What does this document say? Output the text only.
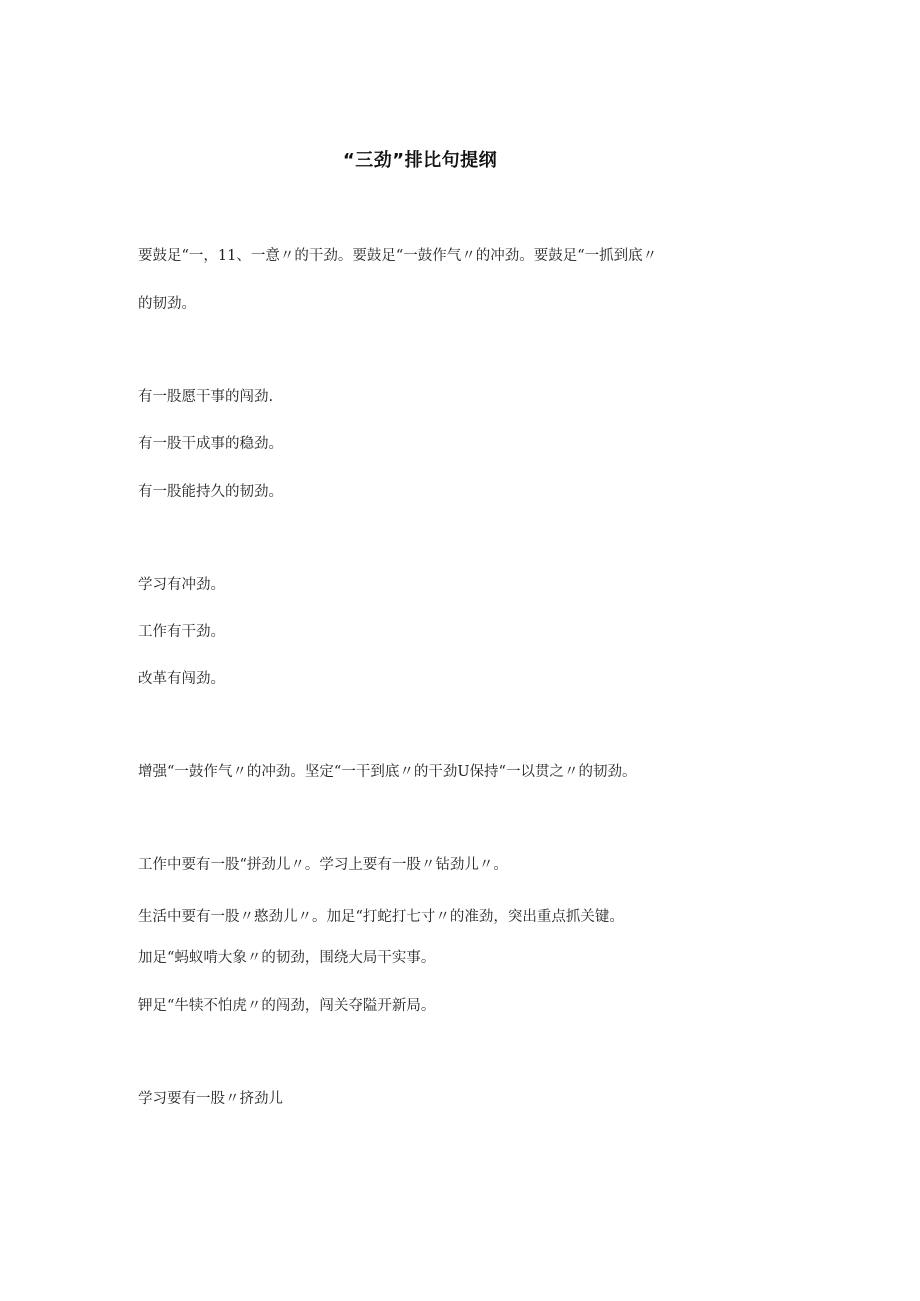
“三劲”排比句提纲
要鼓足“一，11、一意〃的干劲。要鼓足“一鼓作气〃的冲劲。要鼓足“一抓到底〃
的韧劲。
有一股愿干事的闯劲.
有一股干成事的稳劲。
有一股能持久的韧劲。
学习有冲劲。
工作有干劲。
改革有闯劲。
增强“一鼓作气〃的冲劲。坚定“一干到底〃的干劲U保持“一以贯之〃的韧劲。
工作中要有一股“拼劲儿〃。学习上要有一股〃钻劲儿〃。
生活中要有一股〃憨劲儿〃。加足“打蛇打七寸〃的准劲，突出重点抓关键。
加足“蚂蚁啃大象〃的韧劲，围绕大局干实事。
钾足“牛犊不怕虎〃的闯劲，闯关夺隘开新局。
学习要有一股〃挤劲儿
